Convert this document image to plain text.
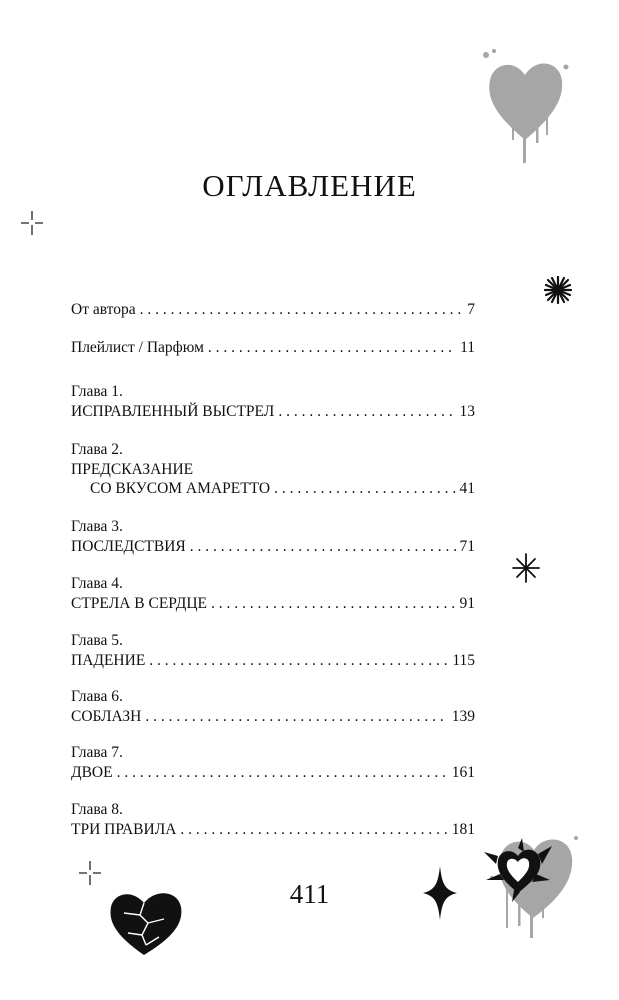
ОГЛАВЛЕНИЕ
От автора . . .	7
Плейлист / Парфюм . . .	11
Глава 1.
ИСПРАВЛЕННЫЙ ВЫСТРЕЛ . . .	13
Глава 2.
ПРЕДСКАЗАНИЕ
СО ВКУСОМ АМАРЕТТО . . .	41
Глава 3.
ПОСЛЕДСТВИЯ . . .	71
Глава 4.
СТРЕЛА В СЕРДЦЕ . . .	91
Глава 5.
ПАДЕНИЕ . . .	115
Глава 6.
СОБЛАЗН . . .	139
Глава 7.
ДВОЕ . . .	161
Глава 8.
ТРИ ПРАВИЛА . . .	181
411
